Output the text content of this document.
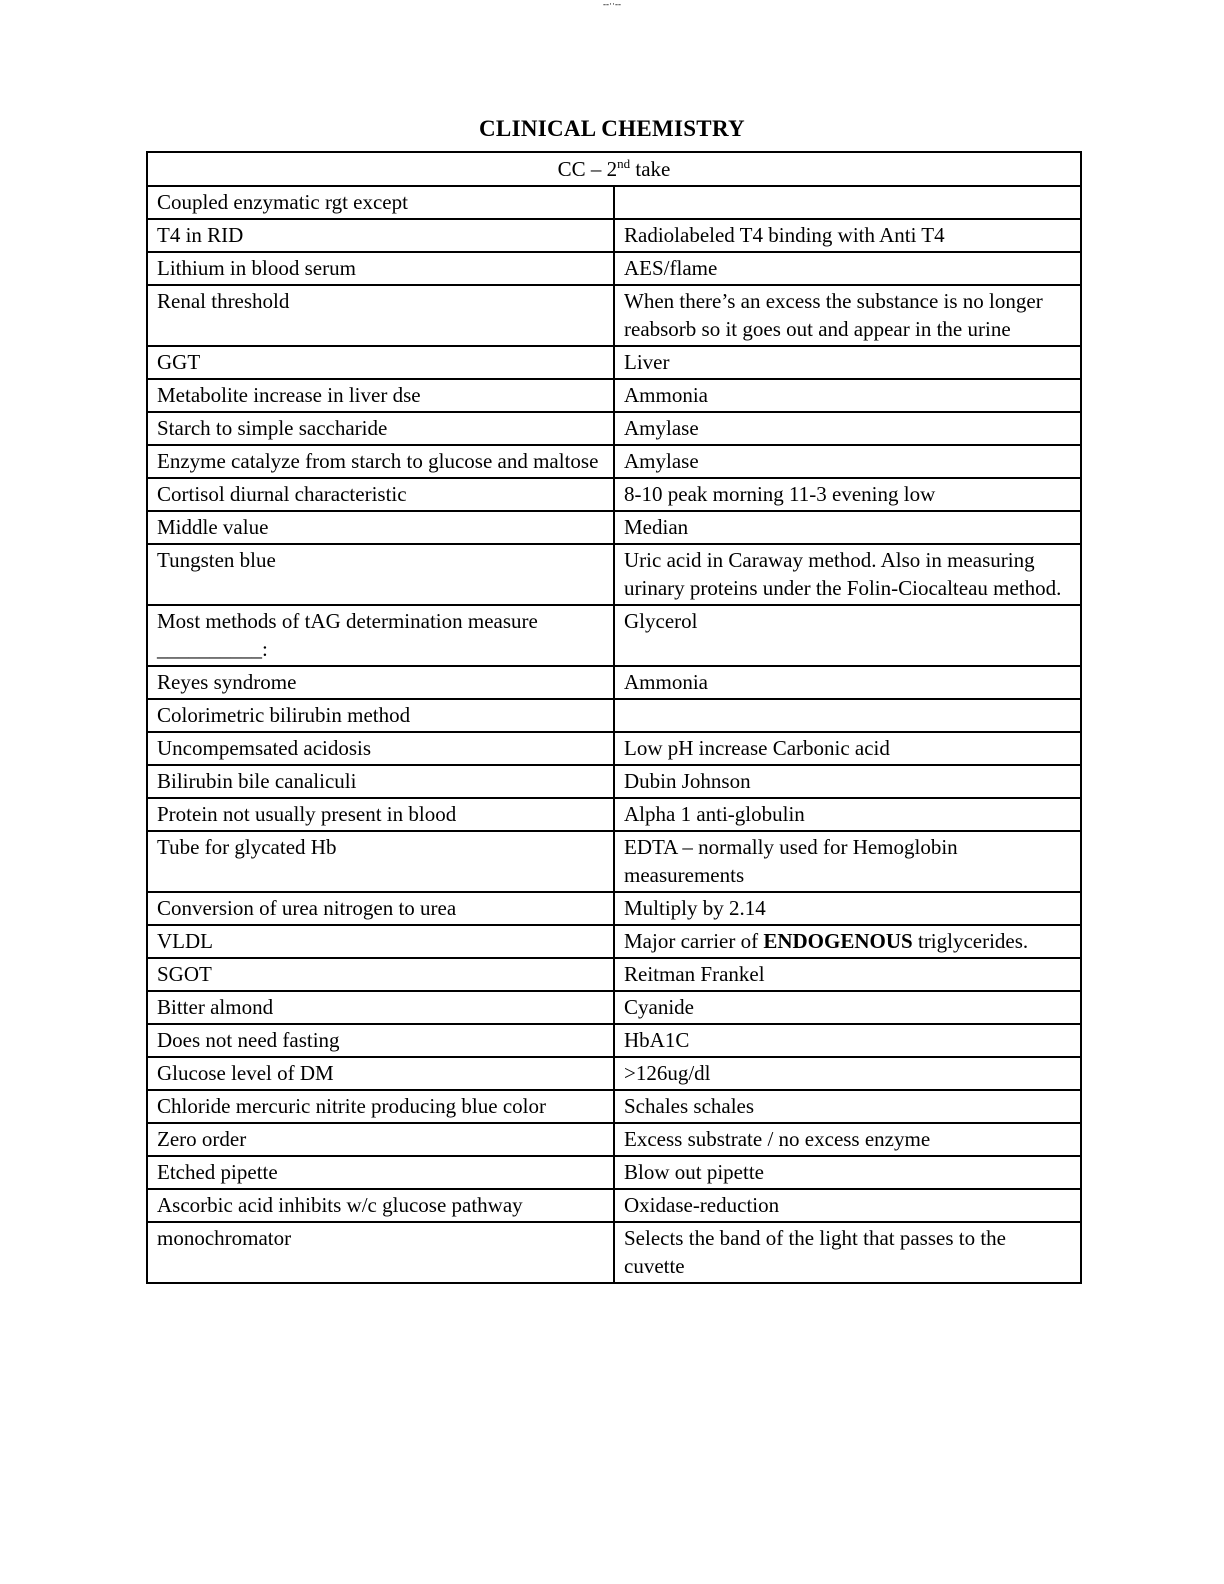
--··--
CLINICAL CHEMISTRY
CC – 2nd take	
Coupled enzymatic rgt except	
T4 in RID	Radiolabeled T4 binding with Anti T4
Lithium in blood serum	AES/flame
Renal threshold	When there’s an excess the substance is no longer reabsorb so it goes out and appear in the urine
GGT	Liver
Metabolite increase in liver dse	Ammonia
Starch to simple saccharide	Amylase
Enzyme catalyze from starch to glucose and maltose	Amylase
Cortisol diurnal characteristic	8-10 peak morning 11-3 evening low
Middle value	Median
Tungsten blue	Uric acid in Caraway method. Also in measuring urinary proteins under the Folin-Ciocalteau method.
Most methods of tAG determination measure __________:	Glycerol
Reyes syndrome	Ammonia
Colorimetric bilirubin method	
Uncompemsated acidosis	Low pH increase Carbonic acid
Bilirubin bile canaliculi	Dubin Johnson
Protein not usually present in blood	Alpha 1 anti-globulin
Tube for glycated Hb	EDTA – normally used for Hemoglobin measurements
Conversion of urea nitrogen to urea	Multiply by 2.14
VLDL	Major carrier of ENDOGENOUS triglycerides.
SGOT	Reitman Frankel
Bitter almond	Cyanide
Does not need fasting	HbA1C
Glucose level of DM	>126ug/dl
Chloride mercuric nitrite producing blue color	Schales schales
Zero order	Excess substrate / no excess enzyme
Etched pipette	Blow out pipette
Ascorbic acid inhibits w/c glucose pathway	Oxidase-reduction
monochromator	Selects the band of the light that passes to the cuvette
